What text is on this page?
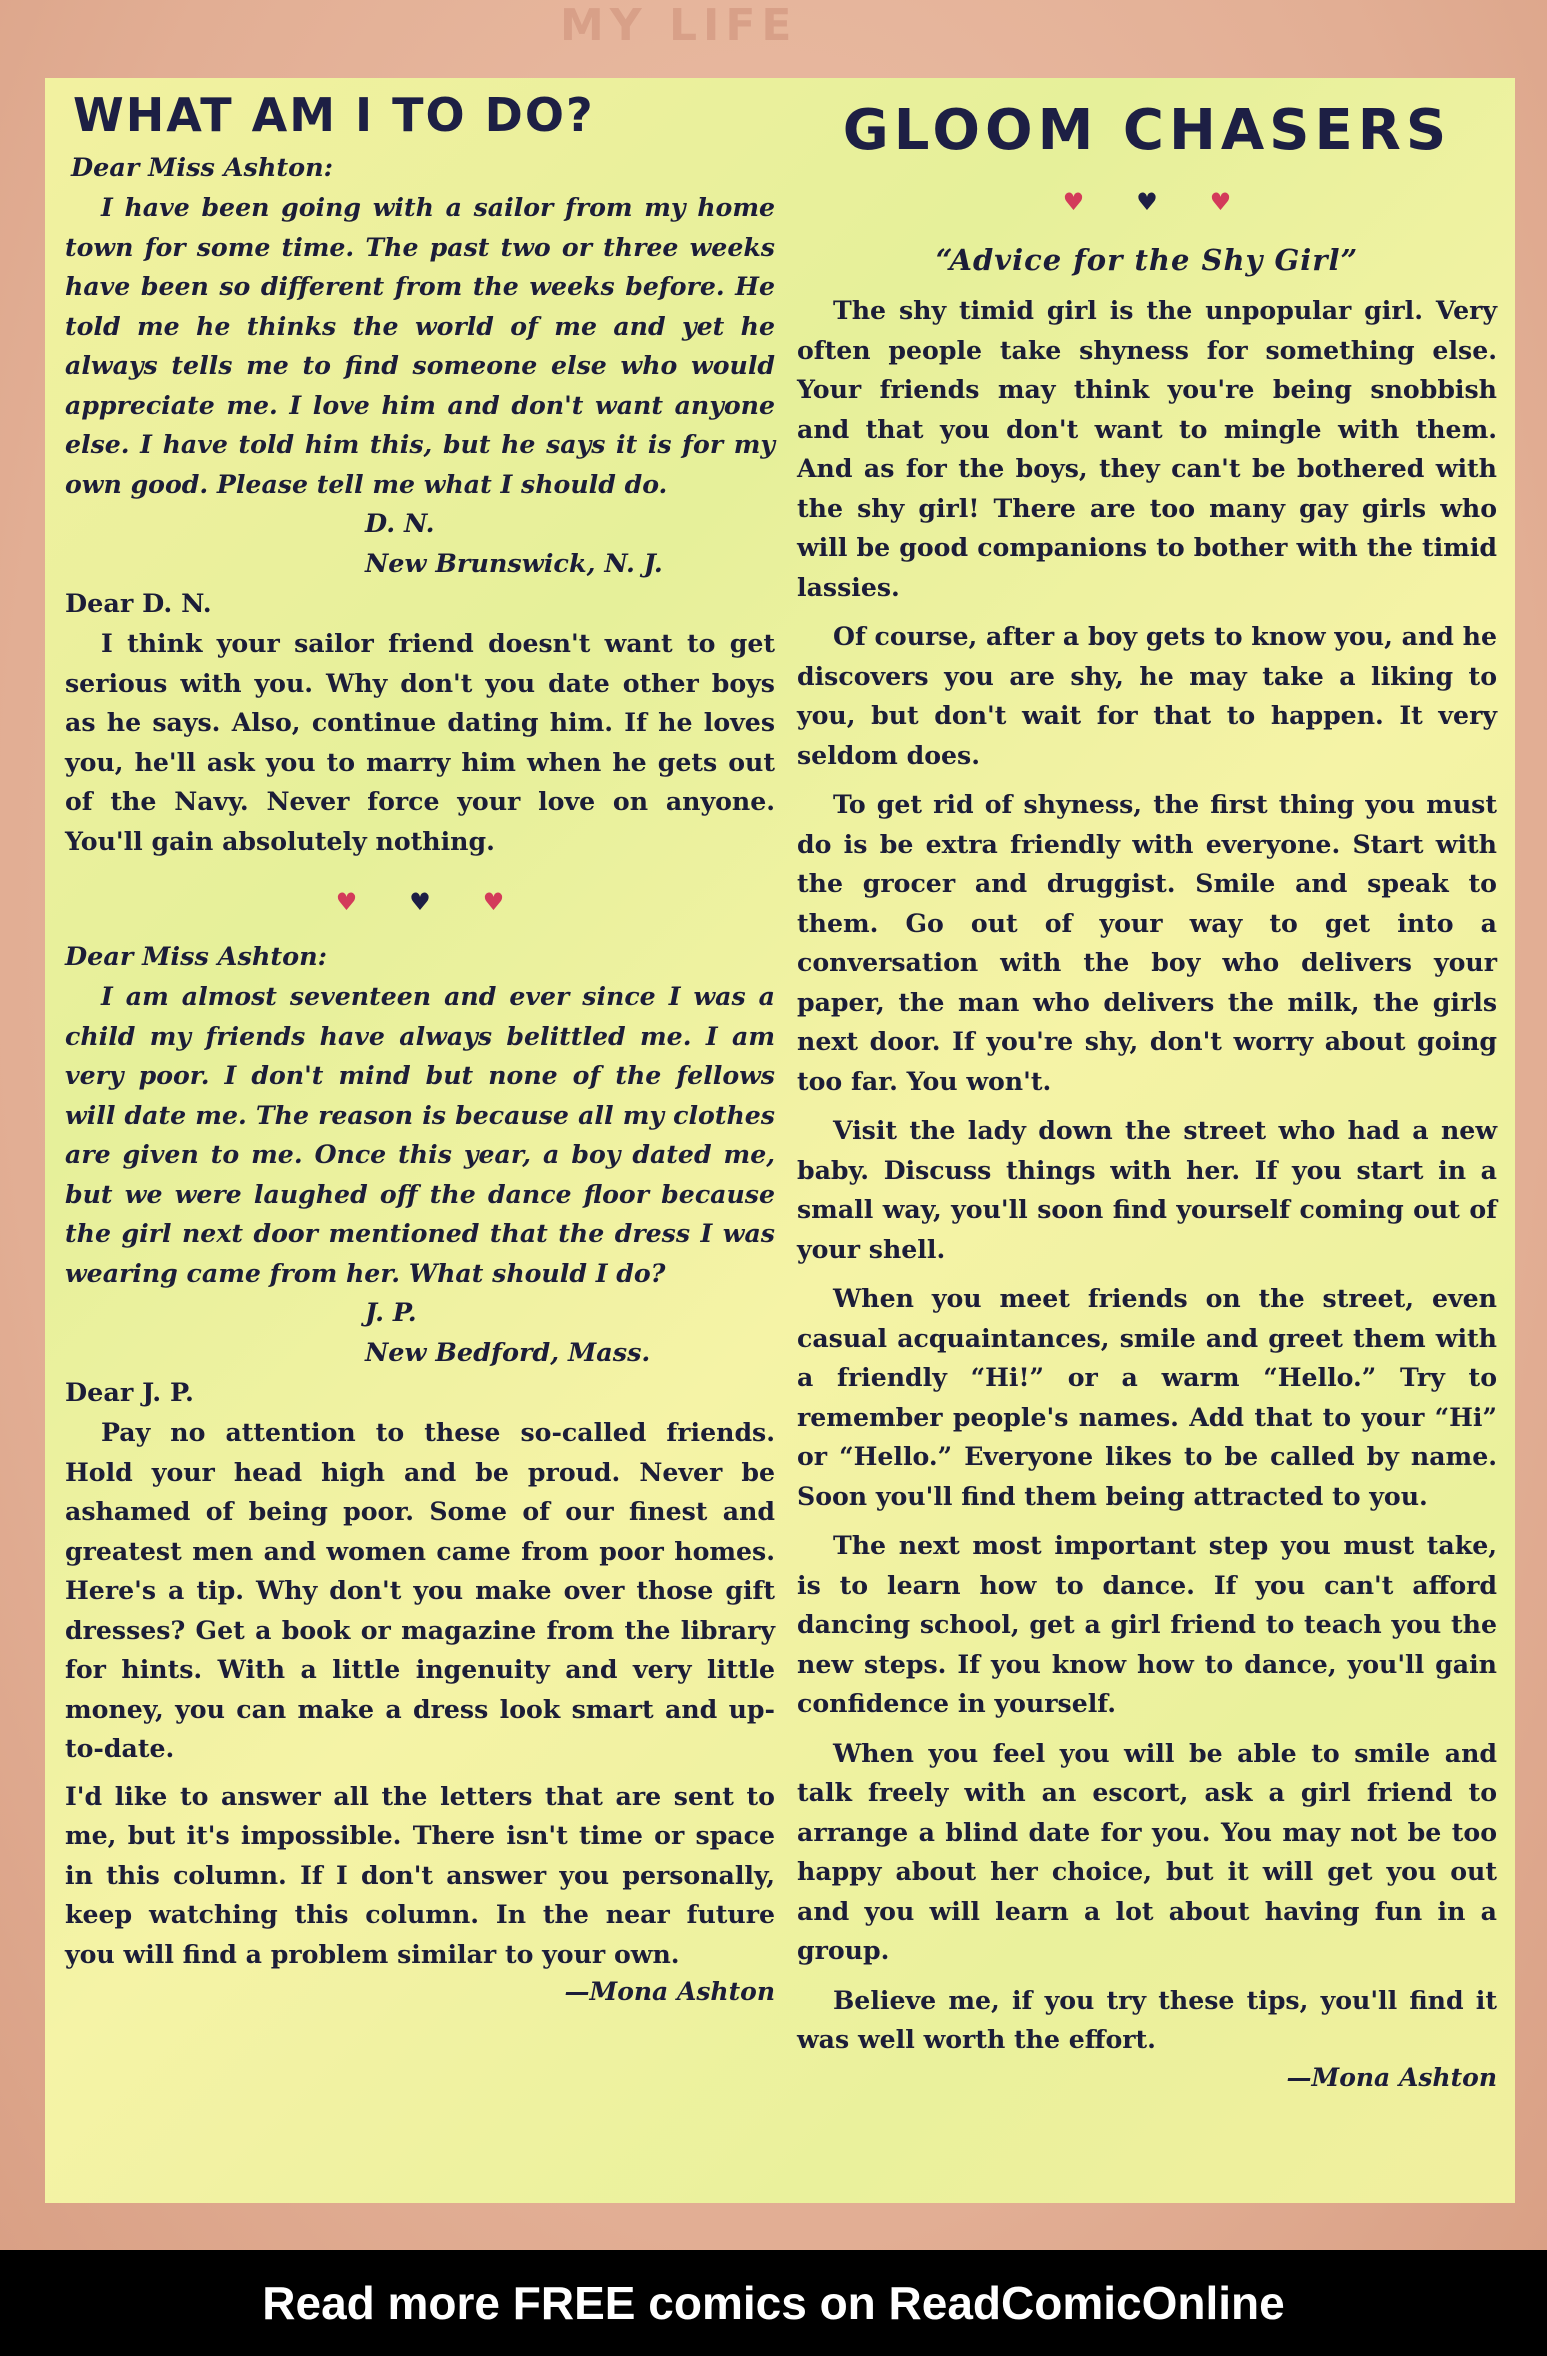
MY LIFE
WHAT AM I TO DO?

Dear Miss Ashton:

I have been going with a sailor from my home town for some time. The past two or three weeks have been so different from the weeks before. He told me he thinks the world of me and yet he always tells me to find someone else who would appreciate me. I love him and don't want anyone else. I have told him this, but he says it is for my own good. Please tell me what I should do.

D. N.

New Brunswick, N. J.

Dear D. N.

I think your sailor friend doesn't want to get serious with you. Why don't you date other boys as he says. Also, continue dating him. If he loves you, he'll ask you to marry him when he gets out of the Navy. Never force your love on anyone. You'll gain absolutely nothing.

♥♥♥

Dear Miss Ashton:

I am almost seventeen and ever since I was a child my friends have always belittled me. I am very poor. I don't mind but none of the fellows will date me. The reason is because all my clothes are given to me. Once this year, a boy dated me, but we were laughed off the dance floor because the girl next door mentioned that the dress I was wearing came from her. What should I do?

J. P.

New Bedford, Mass.

Dear J. P.

Pay no attention to these so-called friends. Hold your head high and be proud. Never be ashamed of being poor. Some of our finest and greatest men and women came from poor homes. Here's a tip. Why don't you make over those gift dresses? Get a book or magazine from the library for hints. With a little ingenuity and very little money, you can make a dress look smart and up-to-date.

I'd like to answer all the letters that are sent to me, but it's impossible. There isn't time or space in this column. If I don't answer you personally, keep watching this column. In the near future you will find a problem similar to your own.

—Mona Ashton

GLOOM CHASERS
♥♥♥

“Advice for the Shy Girl”

The shy timid girl is the unpopular girl. Very often people take shyness for something else. Your friends may think you're being snobbish and that you don't want to mingle with them. And as for the boys, they can't be bothered with the shy girl! There are too many gay girls who will be good companions to bother with the timid lassies.

Of course, after a boy gets to know you, and he discovers you are shy, he may take a liking to you, but don't wait for that to happen. It very seldom does.

To get rid of shyness, the first thing you must do is be extra friendly with everyone. Start with the grocer and druggist. Smile and speak to them. Go out of your way to get into a conversation with the boy who delivers your paper, the man who delivers the milk, the girls next door. If you're shy, don't worry about going too far. You won't.

Visit the lady down the street who had a new baby. Discuss things with her. If you start in a small way, you'll soon find yourself coming out of your shell.

When you meet friends on the street, even casual acquaintances, smile and greet them with a friendly “Hi!” or a warm “Hello.” Try to remember people's names. Add that to your “Hi” or “Hello.” Everyone likes to be called by name. Soon you'll find them being attracted to you.

The next most important step you must take, is to learn how to dance. If you can't afford dancing school, get a girl friend to teach you the new steps. If you know how to dance, you'll gain confidence in yourself.

When you feel you will be able to smile and talk freely with an escort, ask a girl friend to arrange a blind date for you. You may not be too happy about her choice, but it will get you out and you will learn a lot about having fun in a group.

Believe me, if you try these tips, you'll find it was well worth the effort.

—Mona Ashton

Read more FREE comics on ReadComicOnline
